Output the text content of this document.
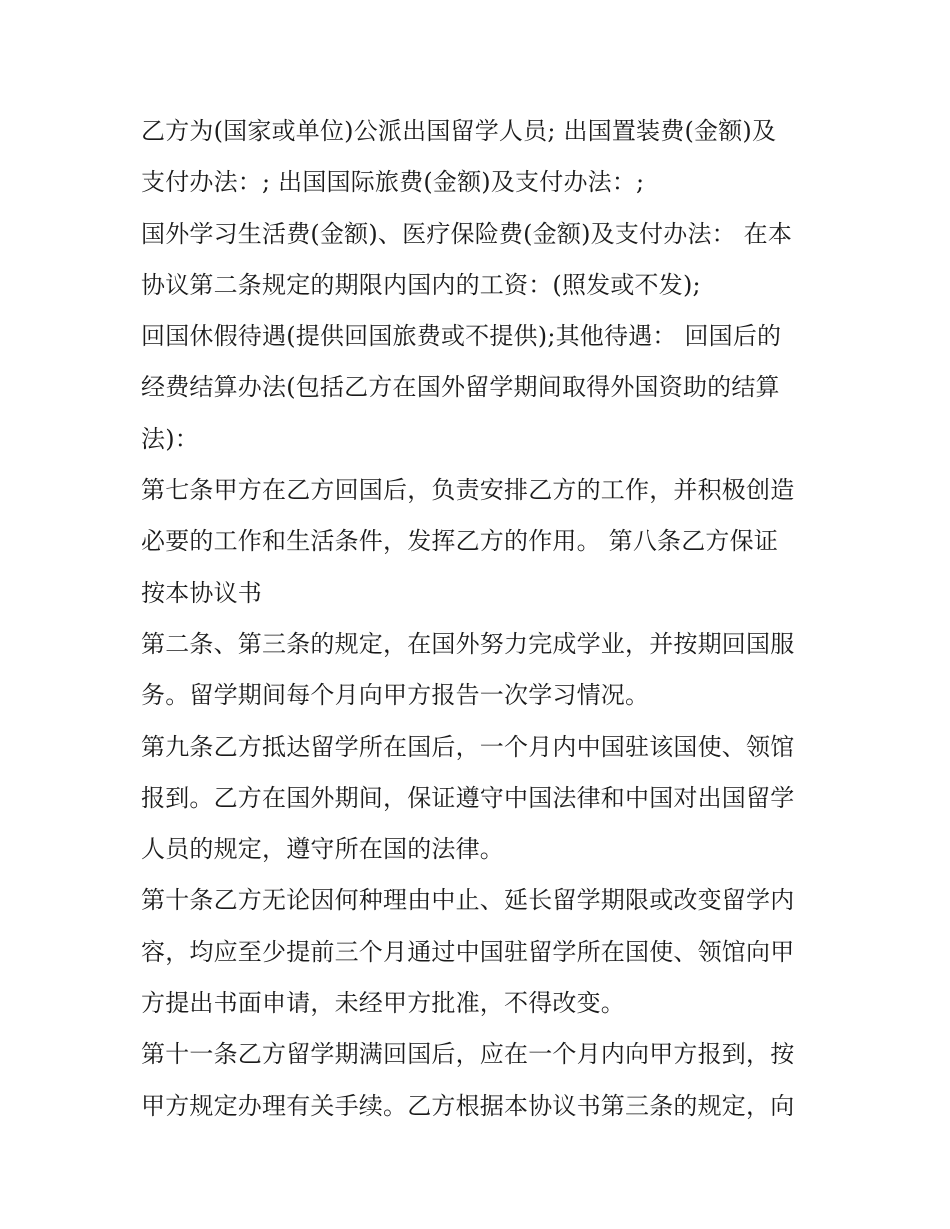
乙方为(国家或单位)公派出国留学人员; 出国置装费(金额)及
支付办法：; 出国国际旅费(金额)及支付办法：;
国外学习生活费(金额)、医疗保险费(金额)及支付办法： 在本
协议第二条规定的期限内国内的工资：(照发或不发);
回国休假待遇(提供回国旅费或不提供);其他待遇： 回国后的
经费结算办法(包括乙方在国外留学期间取得外国资助的结算
法)：
第七条甲方在乙方回国后，负责安排乙方的工作，并积极创造
必要的工作和生活条件，发挥乙方的作用。 第八条乙方保证
按本协议书
第二条、第三条的规定，在国外努力完成学业，并按期回国服
务。留学期间每个月向甲方报告一次学习情况。
第九条乙方抵达留学所在国后，一个月内中国驻该国使、领馆
报到。乙方在国外期间，保证遵守中国法律和中国对出国留学
人员的规定，遵守所在国的法律。
第十条乙方无论因何种理由中止、延长留学期限或改变留学内
容，均应至少提前三个月通过中国驻留学所在国使、领馆向甲
方提出书面申请，未经甲方批准，不得改变。
第十一条乙方留学期满回国后，应在一个月内向甲方报到，按
甲方规定办理有关手续。乙方根据本协议书第三条的规定，向
